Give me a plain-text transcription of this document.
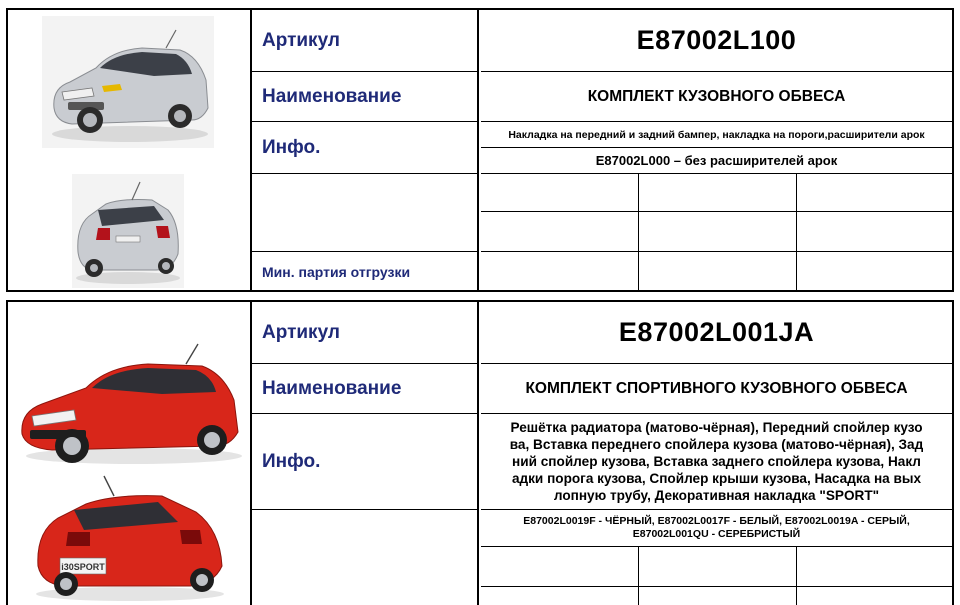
Артикул
Наименование
Инфо.
Мин. партия отгрузки
E87002L100
КОМПЛЕКТ КУЗОВНОГО ОБВЕСА
Накладка на передний и задний бампер, накладка на пороги,расширители арок
E87002L000 – без расширителей арок
i30SPORT
Артикул
Наименование
Инфо.
E87002L001JA
КОМПЛЕКТ СПОРТИВНОГО КУЗОВНОГО ОБВЕСА
Решётка радиатора (матово-чёрная), Передний спойлер кузо
ва, Вставка переднего спойлера кузова (матово-чёрная), Зад
ний спойлер кузова, Вставка заднего спойлера кузова, Накл
адки порога кузова, Спойлер крыши кузова, Насадка на вых
лопную трубу, Декоративная накладка "SPORT"
E87002L0019F - ЧЁРНЫЙ, E87002L0017F - БЕЛЫЙ, E87002L0019A - СЕРЫЙ,
E87002L001QU - СЕРЕБРИСТЫЙ
